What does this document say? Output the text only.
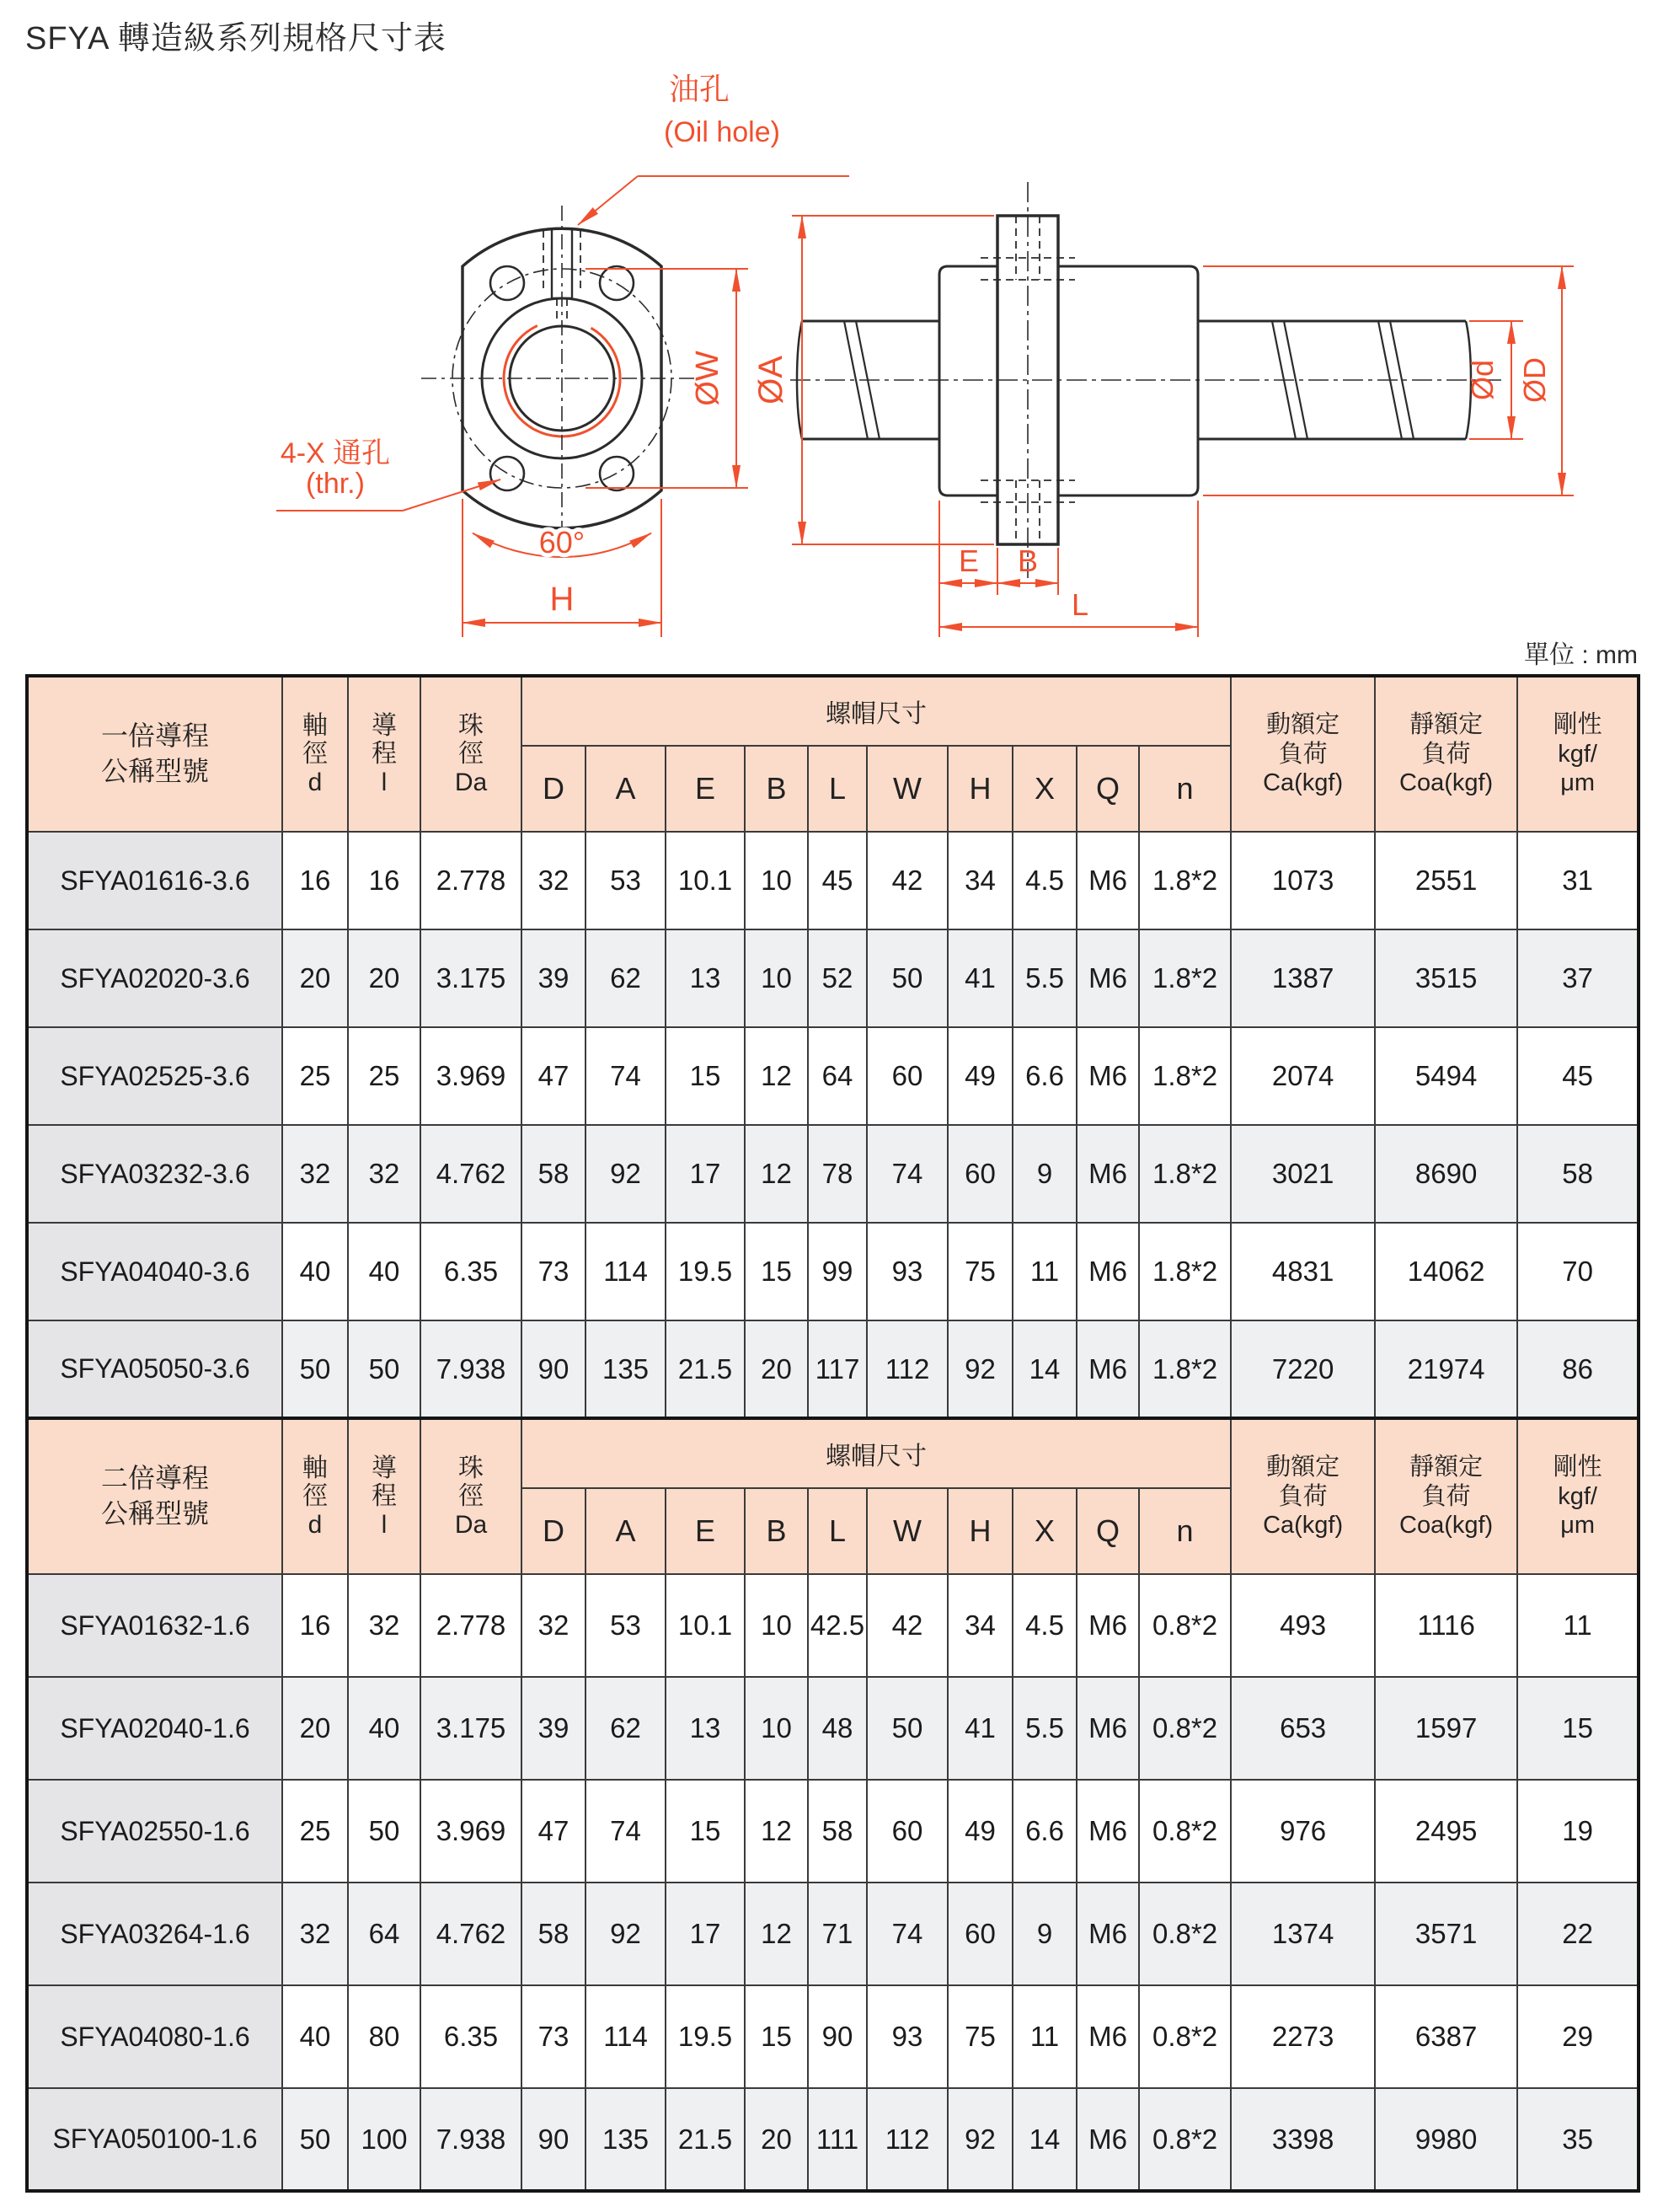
SFYA 轉造級系列規格尺寸表
油孔
(Oil hole)
4-X 通孔
(thr.)
60°
H
ØW ØA	Ød ØD
E B
L
單位 : mm
一倍導程
公稱型號	軸
徑
d	導
程
l	珠
徑
Da	螺帽尺寸										動額定
負荷
Ca(kgf)	靜額定
負荷
Coa(kgf)	剛性
kgf/
μm
				D	A	E	B	L	W	H	X	Q	n			
SFYA01616-3.6	16	16	2.778	32	53	10.1	10	45	42	34	4.5	M6	1.8*2	1073	2551	31
SFYA02020-3.6	20	20	3.175	39	62	13	10	52	50	41	5.5	M6	1.8*2	1387	3515	37
SFYA02525-3.6	25	25	3.969	47	74	15	12	64	60	49	6.6	M6	1.8*2	2074	5494	45
SFYA03232-3.6	32	32	4.762	58	92	17	12	78	74	60	9	M6	1.8*2	3021	8690	58
SFYA04040-3.6	40	40	6.35	73	114	19.5	15	99	93	75	11	M6	1.8*2	4831	14062	70
SFYA05050-3.6	50	50	7.938	90	135	21.5	20	117	112	92	14	M6	1.8*2	7220	21974	86
二倍導程
公稱型號	軸
徑
d	導
程
l	珠
徑
Da	螺帽尺寸										動額定
負荷
Ca(kgf)	靜額定
負荷
Coa(kgf)	剛性
kgf/
μm
				D	A	E	B	L	W	H	X	Q	n			
SFYA01632-1.6	16	32	2.778	32	53	10.1	10	42.5	42	34	4.5	M6	0.8*2	493	1116	11
SFYA02040-1.6	20	40	3.175	39	62	13	10	48	50	41	5.5	M6	0.8*2	653	1597	15
SFYA02550-1.6	25	50	3.969	47	74	15	12	58	60	49	6.6	M6	0.8*2	976	2495	19
SFYA03264-1.6	32	64	4.762	58	92	17	12	71	74	60	9	M6	0.8*2	1374	3571	22
SFYA04080-1.6	40	80	6.35	73	114	19.5	15	90	93	75	11	M6	0.8*2	2273	6387	29
SFYA050100-1.6	50	100	7.938	90	135	21.5	20	111	112	92	14	M6	0.8*2	3398	9980	35
